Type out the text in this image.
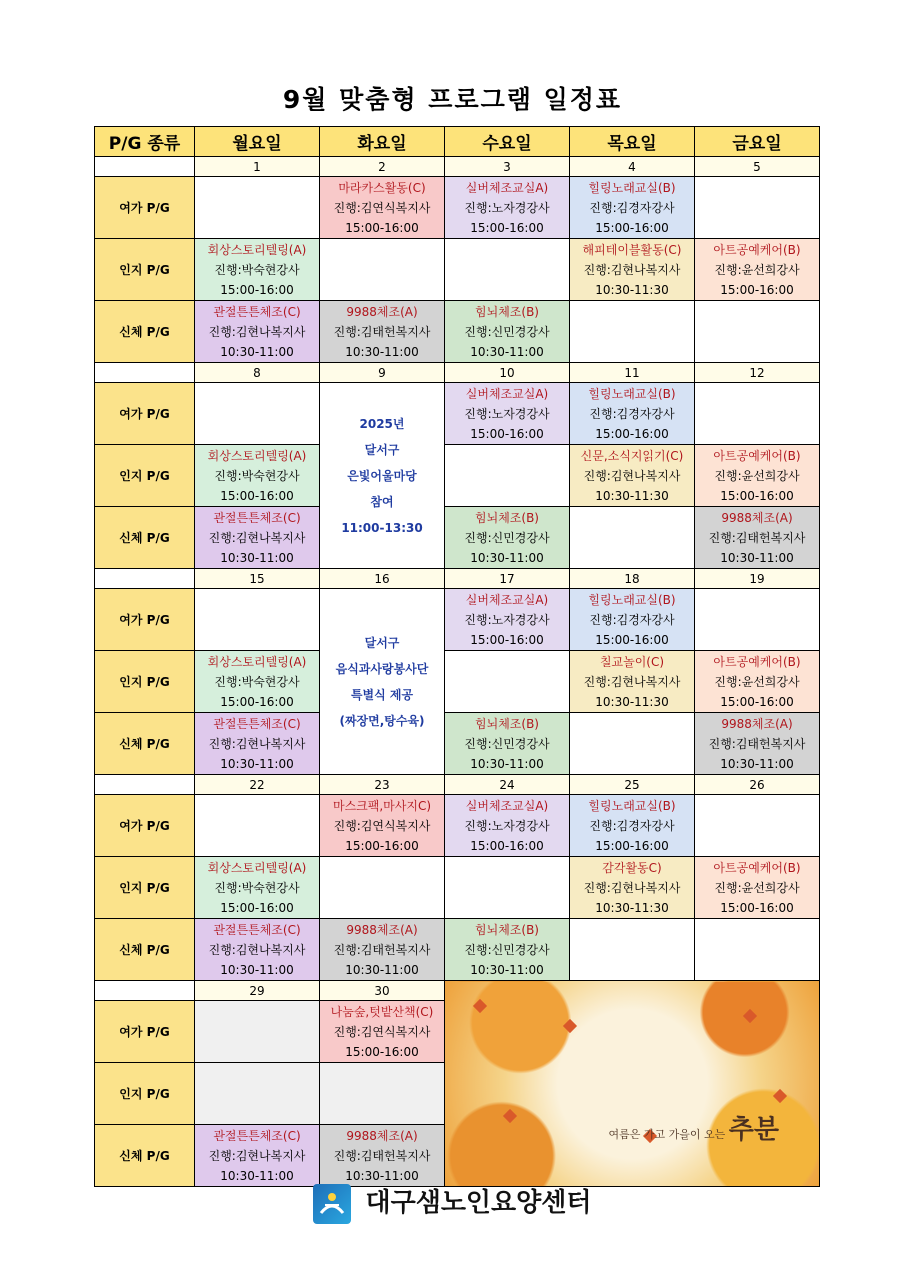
9월 맞춤형 프로그램 일정표
P/G 종류	월요일	화요일	수요일	목요일	금요일
	1	2	3	4	5
여가 P/G		마라카스활동(C)
진행:김연식복지사
15:00-16:00	실버체조교실A)
진행:노자경강사
15:00-16:00	힐링노래교실(B)
진행:김경자강사
15:00-16:00	

인지 P/G	회상스토리텔링(A)
진행:박숙현강사
15:00-16:00			해피테이블활동(C)
진행:김현나복지사
10:30-11:30	아트공예케어(B)
진행:윤선희강사
15:00-16:00

신체 P/G	관절튼튼체조(C)
진행:김현나복지사
10:30-11:00	9988체조(A)
진행:김태헌복지사
10:30-11:00	힘뇌체조(B)
진행:신민경강사
10:30-11:00		

	8	9	10	11	12
여가 P/G		2025년
달서구
은빛어울마당
참여
11:00-13:30	실버체조교실A)
진행:노자경강사
15:00-16:00	힐링노래교실(B)
진행:김경자강사
15:00-16:00	

인지 P/G	회상스토리텔링(A)
진행:박숙현강사
15:00-16:00			신문,소식지읽기(C)
진행:김현나복지사
10:30-11:30	아트공예케어(B)
진행:윤선희강사
15:00-16:00

신체 P/G	관절튼튼체조(C)
진행:김현나복지사
10:30-11:00		힘뇌체조(B)
진행:신민경강사
10:30-11:00		9988체조(A)
진행:김태헌복지사
10:30-11:00

	15	16	17	18	19
여가 P/G		달서구
음식과사랑봉사단
특별식 제공
(짜장면,탕수육)	실버체조교실A)
진행:노자경강사
15:00-16:00	힐링노래교실(B)
진행:김경자강사
15:00-16:00	

인지 P/G	회상스토리텔링(A)
진행:박숙현강사
15:00-16:00			칠교놀이(C)
진행:김현나복지사
10:30-11:30	아트공예케어(B)
진행:윤선희강사
15:00-16:00

신체 P/G	관절튼튼체조(C)
진행:김현나복지사
10:30-11:00		힘뇌체조(B)
진행:신민경강사
10:30-11:00		9988체조(A)
진행:김태헌복지사
10:30-11:00

	22	23	24	25	26
여가 P/G		마스크팩,마사지C)
진행:김연식복지사
15:00-16:00	실버체조교실A)
진행:노자경강사
15:00-16:00	힐링노래교실(B)
진행:김경자강사
15:00-16:00	

인지 P/G	회상스토리텔링(A)
진행:박숙현강사
15:00-16:00			감각활동C)
진행:김현나복지사
10:30-11:30	아트공예케어(B)
진행:윤선희강사
15:00-16:00

신체 P/G	관절튼튼체조(C)
진행:김현나복지사
10:30-11:00	9988체조(A)
진행:김태헌복지사
10:30-11:00	힘뇌체조(B)
진행:신민경강사
10:30-11:00		

	29	30	여름은 가고 가을이 오는 추분		

여가 P/G		나눔숲,텃밭산책(C)
진행:김연식복지사
15:00-16:00			

인지 P/G					
신체 P/G	관절튼튼체조(C)
진행:김현나복지사
10:30-11:00	9988체조(A)
진행:김태헌복지사
10:30-11:00			
대구샘노인요양센터
